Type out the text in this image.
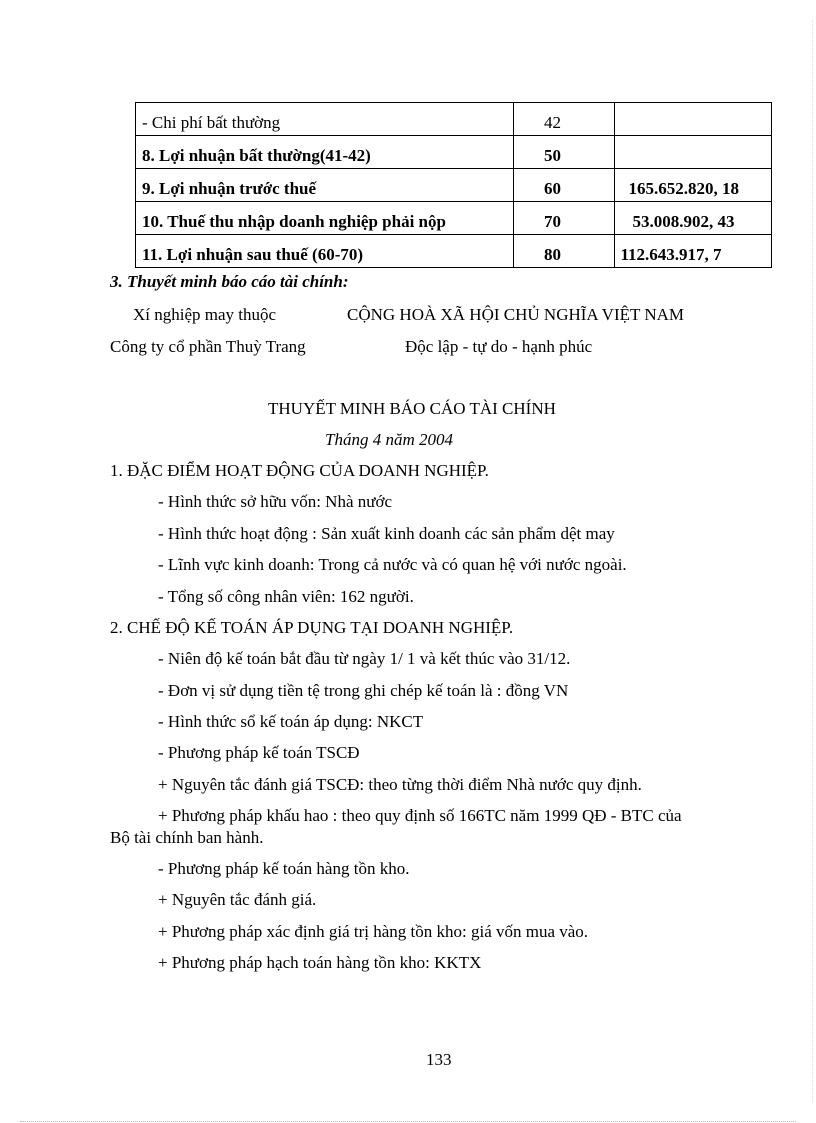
- Chi phí bất thường	42	
8. Lợi nhuận bất thường(41-42)	50	
9. Lợi nhuận trước thuế	60	165.652.820, 18
10. Thuế thu nhập doanh nghiệp phải nộp	70	53.008.902, 43
11. Lợi nhuận sau thuế (60-70)	80	112.643.917, 7
3. Thuyết minh báo cáo tài chính:
Xí nghiệp may thuộc	CỘNG HOÀ XÃ HỘI CHỦ NGHĨA VIỆT NAM
Công ty cổ phần Thuỳ Trang	Độc lập - tự do - hạnh phúc
THUYẾT MINH BÁO CÁO TÀI CHÍNH
Tháng 4 năm 2004
1. ĐẶC ĐIỂM HOẠT ĐỘNG CỦA DOANH NGHIỆP.
- Hình thức sở hữu vốn: Nhà nước
- Hình thức hoạt động : Sản xuất kinh doanh các sản phẩm dệt may
- Lĩnh vực kinh doanh: Trong cả nước và có quan hệ với nước ngoài.
- Tổng số công nhân viên: 162 người.
2. CHẾ ĐỘ KẾ TOÁN ÁP DỤNG TẠI DOANH NGHIỆP.
- Niên độ kế toán bắt đầu từ ngày 1/ 1 và kết thúc vào 31/12.
- Đơn vị sử dụng tiền tệ trong ghi chép kế toán là : đồng VN
- Hình thức sổ kế toán áp dụng: NKCT
- Phương pháp kế toán TSCĐ
+ Nguyên tắc đánh giá TSCĐ: theo từng thời điểm Nhà nước quy định.
+ Phương pháp khấu hao : theo quy định số 166TC năm 1999 QĐ - BTC của
Bộ tài chính ban hành.
- Phương pháp kế toán hàng tồn kho.
+ Nguyên tắc đánh giá.
+ Phương pháp xác định giá trị hàng tồn kho: giá vốn mua vào.
+ Phương pháp hạch toán hàng tồn kho: KKTX
133
